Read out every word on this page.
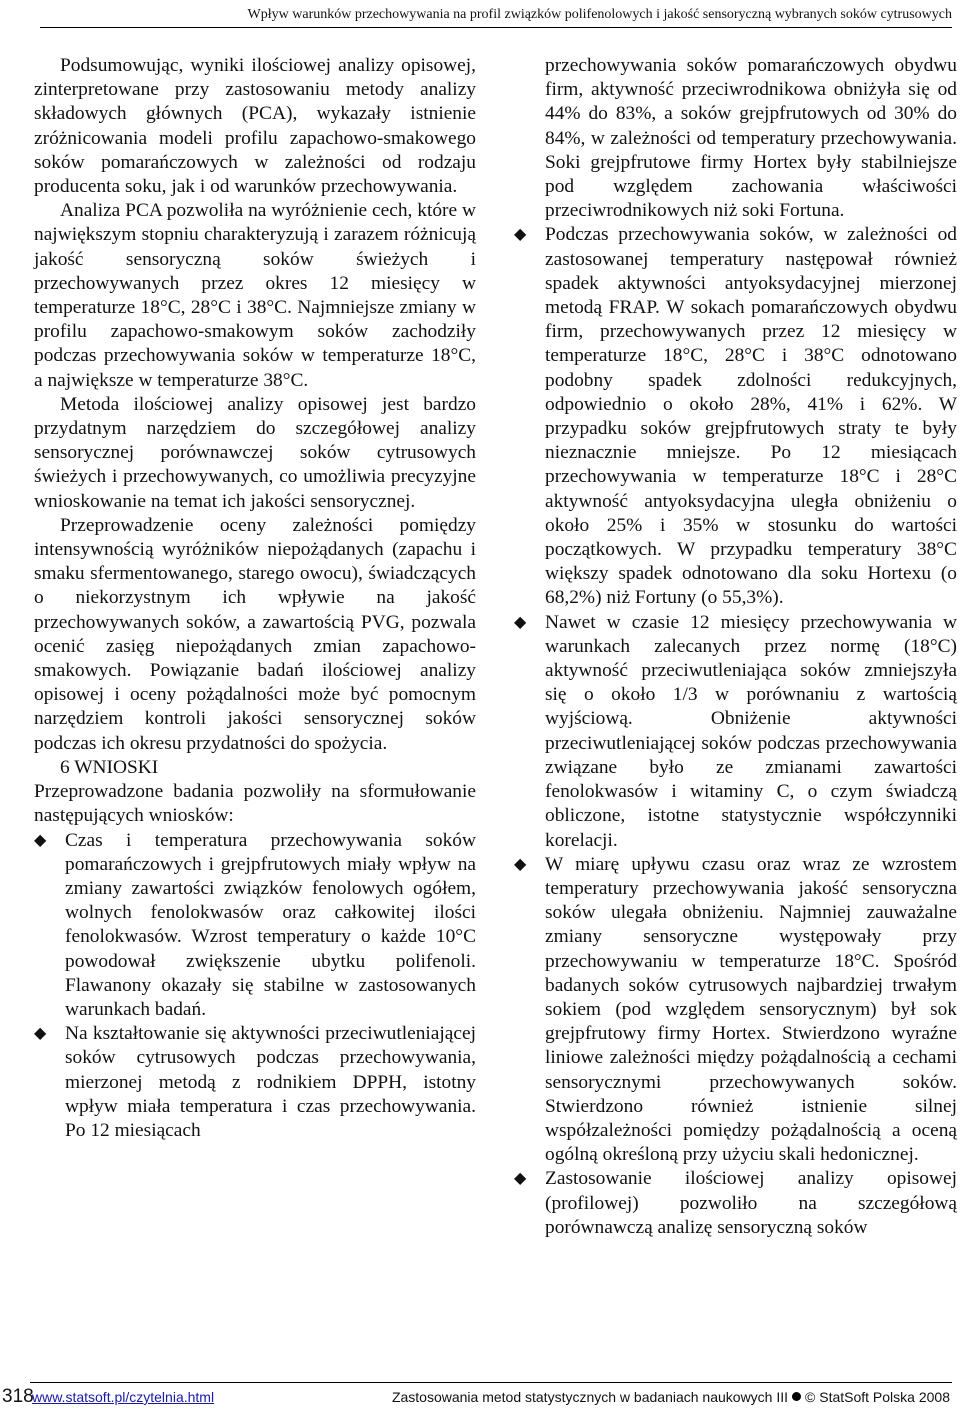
Wpływ warunków przechowywania na profil związków polifenolowych i jakość sensoryczną wybranych soków cytrusowych

Podsumowując, wyniki ilościowej analizy opisowej, zinterpretowane przy zastosowaniu metody analizy składowych głównych (PCA), wykazały istnienie zróżnicowania modeli profilu zapachowo-smakowego soków pomarańczowych w zależności od rodzaju producenta soku, jak i od warunków przechowywania.

Analiza PCA pozwoliła na wyróżnienie cech, które w największym stopniu charakteryzują i zarazem różnicują jakość sensoryczną soków świeżych i przechowywanych przez okres 12 miesięcy w temperaturze 18°C, 28°C i 38°C. Najmniejsze zmiany w profilu zapachowo-smakowym soków zachodziły podczas przechowywania soków w temperaturze 18°C, a największe w temperaturze 38°C.

Metoda ilościowej analizy opisowej jest bardzo przydatnym narzędziem do szczegółowej analizy sensorycznej porównawczej soków cytrusowych świeżych i przechowywanych, co umożliwia precyzyjne wnioskowanie na temat ich jakości sensorycznej.

Przeprowadzenie oceny zależności pomiędzy intensywnością wyróżników niepożądanych (zapachu i smaku sfermentowanego, starego owocu), świadczących o niekorzystnym ich wpływie na jakość przechowywanych soków, a zawartością PVG, pozwala ocenić zasięg niepożądanych zmian zapachowo-smakowych. Powiązanie badań ilościowej analizy opisowej i oceny pożądalności może być pomocnym narzędziem kontroli jakości sensorycznej soków podczas ich okresu przydatności do spożycia.

6 WNIOSKI

Przeprowadzone badania pozwoliły na sformułowanie następujących wniosków:

◆ Czas i temperatura przechowywania soków pomarańczowych i grejpfrutowych miały wpływ na zmiany zawartości związków fenolowych ogółem, wolnych fenolokwasów oraz całkowitej ilości fenolokwasów. Wzrost temperatury o każde 10°C powodował zwiększenie ubytku polifenoli. Flawanony okazały się stabilne w zastosowanych warunkach badań.
◆ Na kształtowanie się aktywności przeciwutleniającej soków cytrusowych podczas przechowywania, mierzonej metodą z rodnikiem DPPH, istotny wpływ miała temperatura i czas przechowywania. Po 12 miesiącach
przechowywania soków pomarańczowych obydwu firm, aktywność przeciwrodnikowa obniżyła się od 44% do 83%, a soków grejpfrutowych od 30% do 84%, w zależności od temperatury przechowywania. Soki grejpfrutowe firmy Hortex były stabilniejsze pod względem zachowania właściwości przeciwrodnikowych niż soki Fortuna.
◆ Podczas przechowywania soków, w zależności od zastosowanej temperatury następował również spadek aktywności antyoksydacyjnej mierzonej metodą FRAP. W sokach pomarańczowych obydwu firm, przechowywanych przez 12 miesięcy w temperaturze 18°C, 28°C i 38°C odnotowano podobny spadek zdolności redukcyjnych, odpowiednio o około 28%, 41% i 62%. W przypadku soków grejpfrutowych straty te były nieznacznie mniejsze. Po 12 miesiącach przechowywania w temperaturze 18°C i 28°C aktywność antyoksydacyjna uległa obniżeniu o około 25% i 35% w stosunku do wartości początkowych. W przypadku temperatury 38°C większy spadek odnotowano dla soku Hortexu (o 68,2%) niż Fortuny (o 55,3%).
◆ Nawet w czasie 12 miesięcy przechowywania w warunkach zalecanych przez normę (18°C) aktywność przeciwutleniająca soków zmniejszyła się o około 1/3 w porównaniu z wartością wyjściową. Obniżenie aktywności przeciwutleniającej soków podczas przechowywania związane było ze zmianami zawartości fenolokwasów i witaminy C, o czym świadczą obliczone, istotne statystycznie współczynniki korelacji.
◆ W miarę upływu czasu oraz wraz ze wzrostem temperatury przechowywania jakość sensoryczna soków ulegała obniżeniu. Najmniej zauważalne zmiany sensoryczne występowały przy przechowywaniu w temperaturze 18°C. Spośród badanych soków cytrusowych najbardziej trwałym sokiem (pod względem sensorycznym) był sok grejpfrutowy firmy Hortex. Stwierdzono wyraźne liniowe zależności między pożądalnością a cechami sensorycznymi przechowywanych soków. Stwierdzono również istnienie silnej współzależności pomiędzy pożądalnością a oceną ogólną określoną przy użyciu skali hedonicznej.
◆ Zastosowanie ilościowej analizy opisowej (profilowej) pozwoliło na szczegółową porównawczą analizę sensoryczną soków
318
www.statsoft.pl/czytelnia.html	Zastosowania metod statystycznych w badaniach naukowych III © StatSoft Polska 2008
